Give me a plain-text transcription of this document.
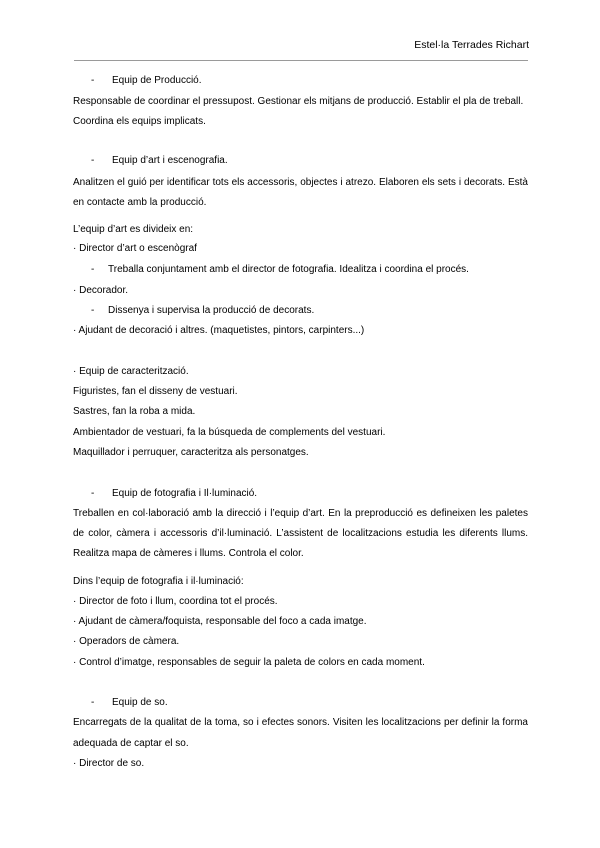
Estel·la Terrades Richart
- Equip de Producció.
Responsable de coordinar el pressupost. Gestionar els mitjans de producció. Establir el pla de treball.
Coordina els equips implicats.
- Equip d’art i escenografia.
Analitzen el guió per identificar tots els accessoris, objectes i atrezo. Elaboren els sets i decorats. Està
en contacte amb la producció.
L’equip d’art es divideix en:
· Director d’art o escenògraf
- Treballa conjuntament amb el director de fotografia. Idealitza i coordina el procés.
· Decorador.
- Dissenya i supervisa la producció de decorats.
· Ajudant de decoració i altres. (maquetistes, pintors, carpinters...)
· Equip de caracterització.
Figuristes, fan el disseny de vestuari.
Sastres, fan la roba a mida.
Ambientador de vestuari, fa la búsqueda de complements del vestuari.
Maquillador i perruquer, caracteritza als personatges.
- Equip de fotografia i Il·luminació.
Treballen en col·laboració amb la direcció i l’equip d’art. En la preproducció es defineixen les paletes
de color, càmera i accessoris d’il·luminació. L’assistent de localitzacions estudia les diferents llums.
Realitza mapa de càmeres i llums. Controla el color.
Dins l’equip de fotografia i il·luminació:
· Director de foto i llum, coordina tot el procés.
· Ajudant de càmera/foquista, responsable del foco a cada imatge.
· Operadors de càmera.
· Control d’imatge, responsables de seguir la paleta de colors en cada moment.
- Equip de so.
Encarregats de la qualitat de la toma, so i efectes sonors. Visiten les localitzacions per definir la forma
adequada de captar el so.
· Director de so.
